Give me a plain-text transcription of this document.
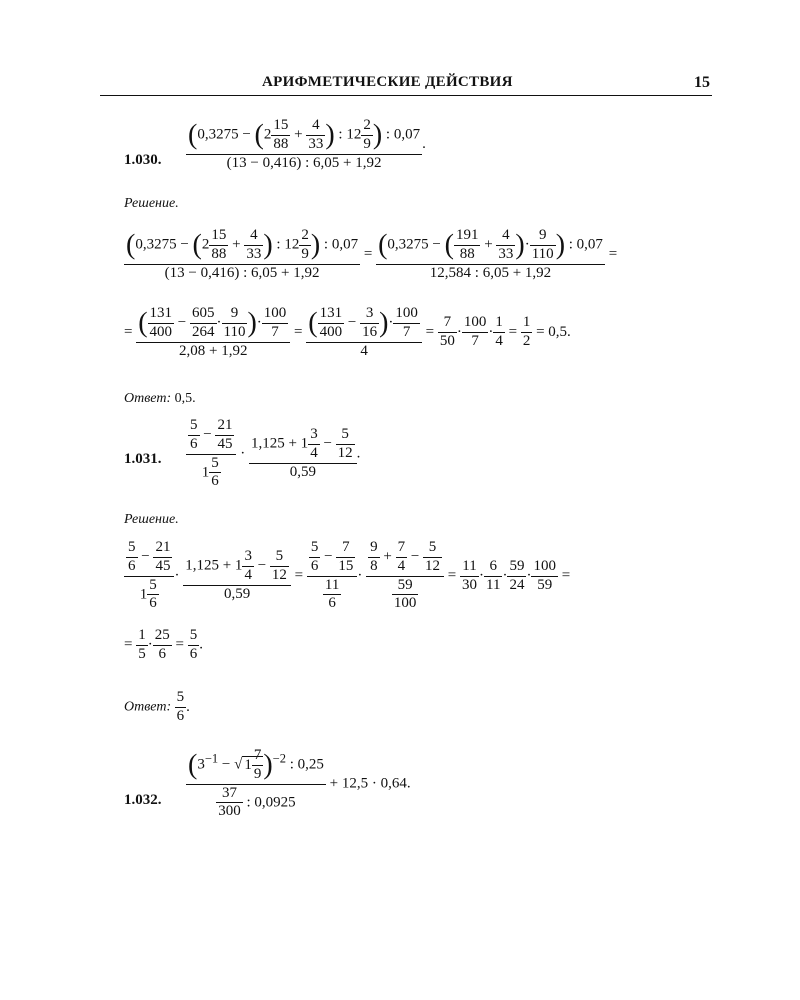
АРИФМЕТИЧЕСКИЕ ДЕЙСТВИЯ	15
1.030. $\frac{(0,3275 - (2 \frac{15}{88} + \frac{4}{33} ) : 12 \frac{2}{9} ) : 0,07}{(13 - 0,416) : 6,05 + 1,92}$ .
Решение.
$\frac{(0,3275 - (2 \frac{15}{88} + \frac{4}{33} ) : 12 \frac{2}{9} ) : 0,07}{(13 - 0,416) : 6,05 + 1,92} = \frac{(0,3275 - ( \frac{191}{88} + \frac{4}{33} )\cdot \frac{9}{110} ) : 0,07}{12,584 : 6,05 + 1,92}$ =
= $\frac{( \frac{131}{400} - \frac{605}{264} \cdot \frac{9}{110} )\cdot \frac{100}{7}}{2,08 + 1,92} = \frac{( \frac{131}{400} - \frac{3}{16} )\cdot \frac{100}{7}}{4} = \frac{7}{50} \cdot \frac{100}{7} \cdot \frac{1}{4} = \frac{1}{2} = 0,5$.
Ответ: 0,5.
1.031. $\frac{\frac{5}{6} - \frac{21}{45}}{1 \frac{5}{6}} \cdot \frac{1,125 + 1 \frac{3}{4} - \frac{5}{12}}{0,59}$ .
Решение.
$\frac{\frac{5}{6} - \frac{21}{45}}{1 \frac{5}{6}} \cdot \frac{1,125 + 1 \frac{3}{4} - \frac{5}{12}}{0,59} = \frac{\frac{5}{6} - \frac{7}{15}}{\frac{11}{6}} \cdot \frac{\frac{9}{8} + \frac{7}{4} - \frac{5}{12}}{\frac{59}{100}} = \frac{11}{30} \cdot \frac{6}{11} \cdot \frac{59}{24} \cdot \frac{100}{59}$ =
= $\frac{1}{5} \cdot \frac{25}{6} = \frac{5}{6}$ .
Ответ: $\frac{5}{6}$ .
1.032. $\frac{(3^{-1} - √ 1 \frac{7}{9} )^{-2} : 0,25}{\frac{37}{300} : 0,0925} + 12,5 \cdot 0,64$.
